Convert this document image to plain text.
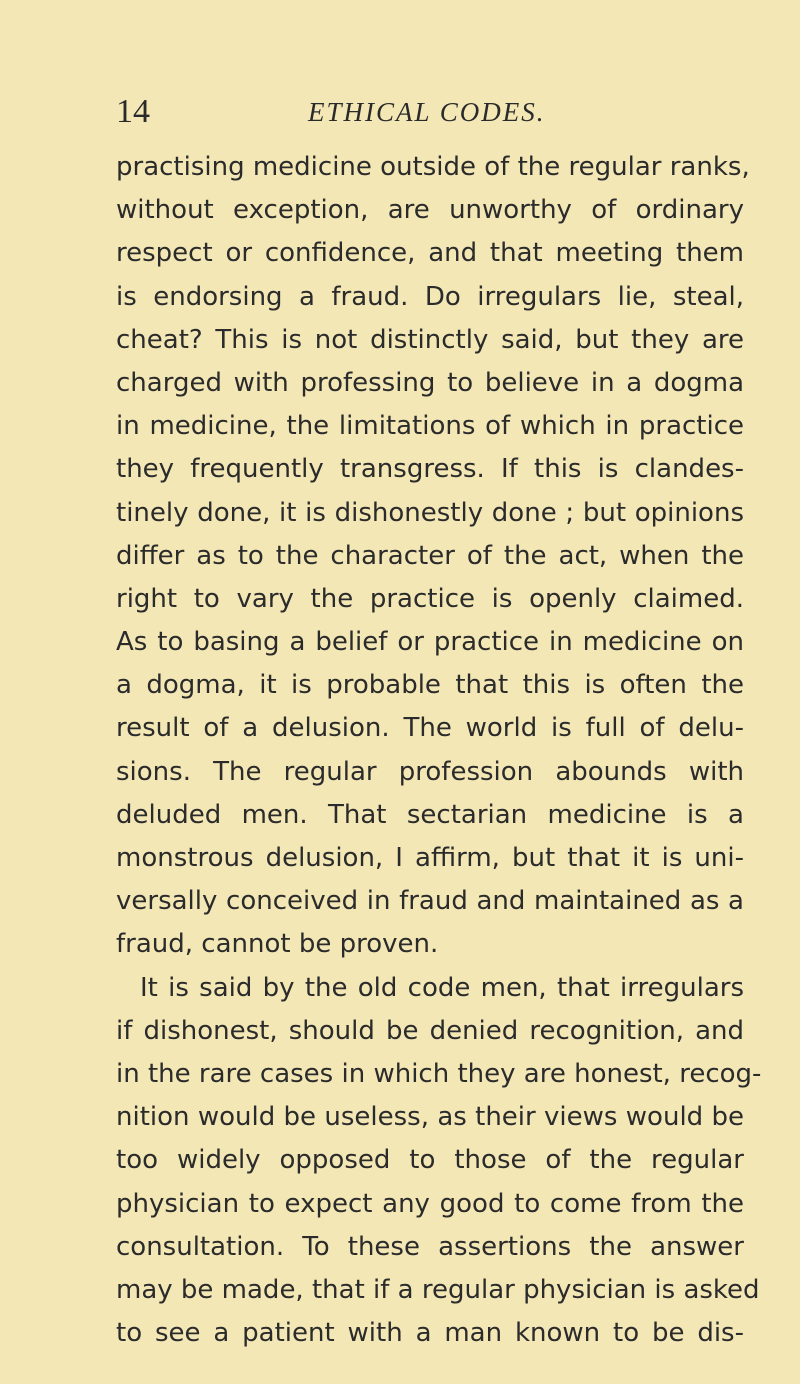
14	ETHICAL CODES.
practising medicine outside of the regular ranks,
without exception, are unworthy of ordinary
respect or confidence, and that meeting them
is endorsing a fraud. Do irregulars lie, steal,
cheat? This is not distinctly said, but they are
charged with professing to believe in a dogma
in medicine, the limitations of which in practice
they frequently transgress. If this is clandes-
tinely done, it is dishonestly done ; but opinions
differ as to the character of the act, when the
right to vary the practice is openly claimed.
As to basing a belief or practice in medicine on
a dogma, it is probable that this is often the
result of a delusion. The world is full of delu-
sions. The regular profession abounds with
deluded men. That sectarian medicine is a
monstrous delusion, I affirm, but that it is uni-
versally conceived in fraud and maintained as a
fraud, cannot be proven.
It is said by the old code men, that irregulars
if dishonest, should be denied recognition, and
in the rare cases in which they are honest, recog-
nition would be useless, as their views would be
too widely opposed to those of the regular
physician to expect any good to come from the
consultation. To these assertions the answer
may be made, that if a regular physician is asked
to see a patient with a man known to be dis-
